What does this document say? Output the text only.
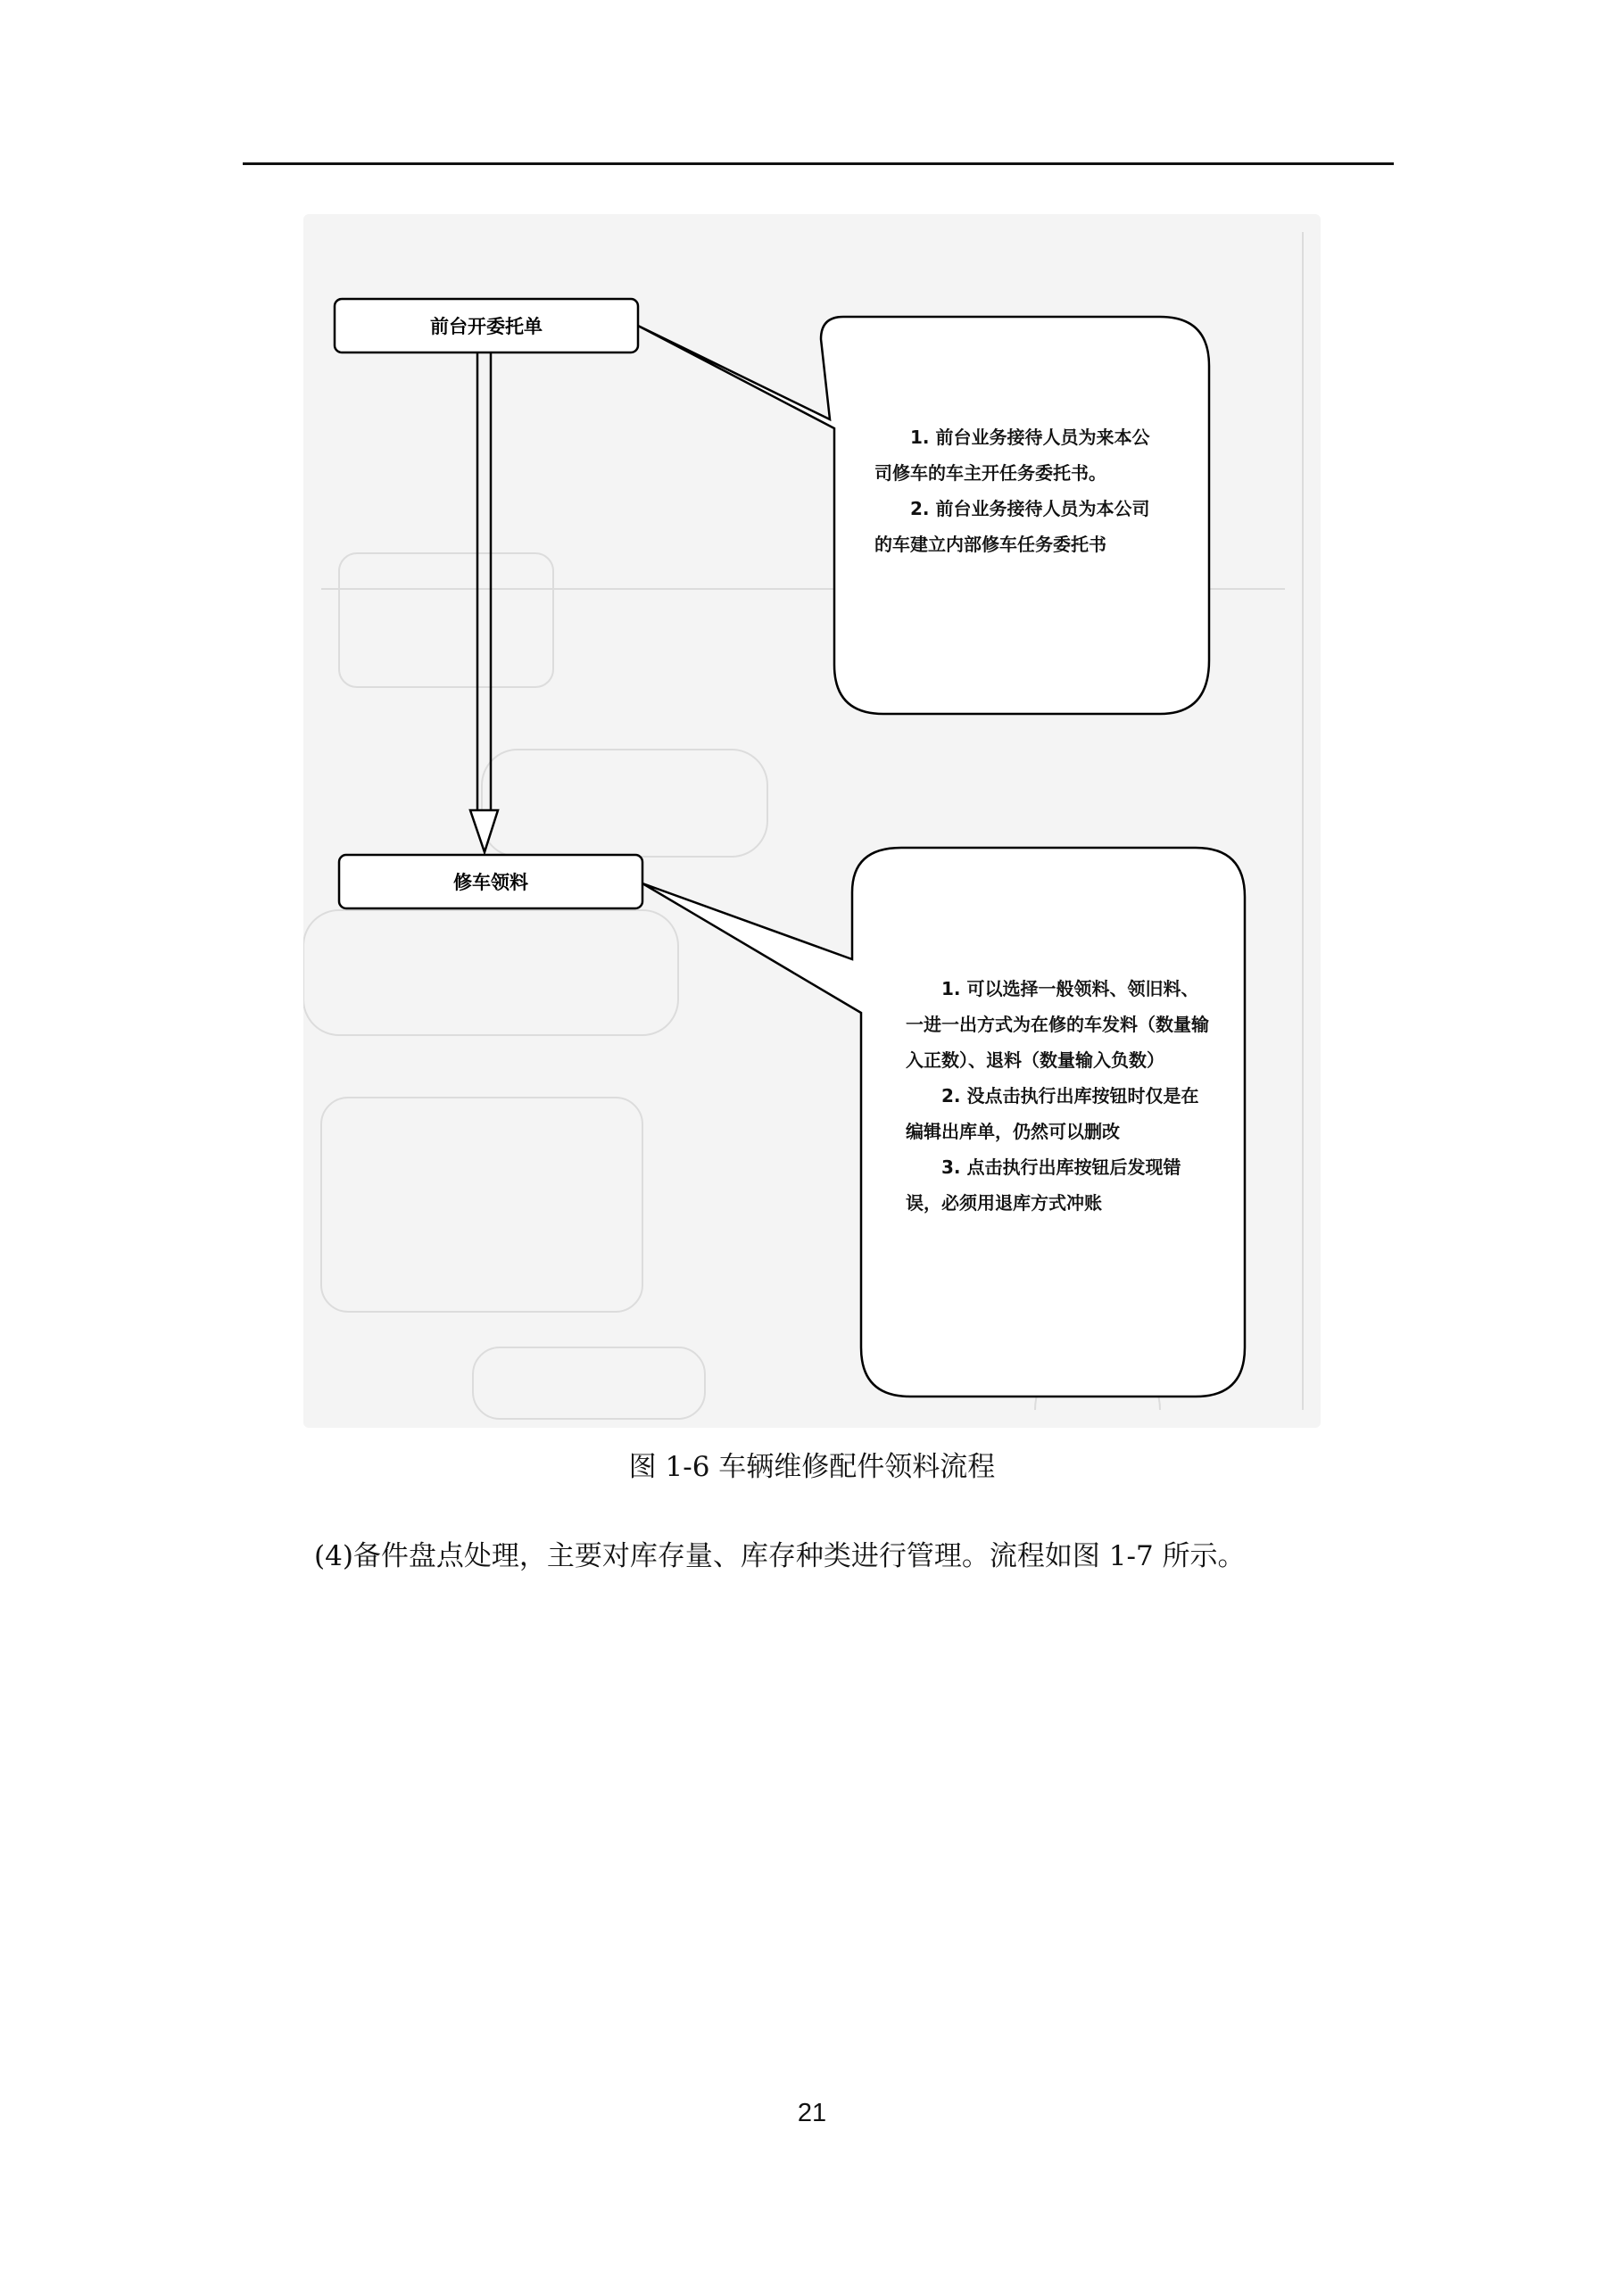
前台开委托单
修车领料

1. 前台业务接待人员为来本公司修车的车主开任务委托书。

2. 前台业务接待人员为本公司的车建立内部修车任务委托书

1. 可以选择一般领料、领旧料、一进一出方式为在修的车发料（数量输入正数）、退料（数量输入负数）

2. 没点击执行出库按钮时仅是在编辑出库单，仍然可以删改

3. 点击执行出库按钮后发现错误，必须用退库方式冲账

图 1-6 车辆维修配件领料流程
(4)备件盘点处理，主要对库存量、库存种类进行管理。流程如图 1-7 所示。
21
